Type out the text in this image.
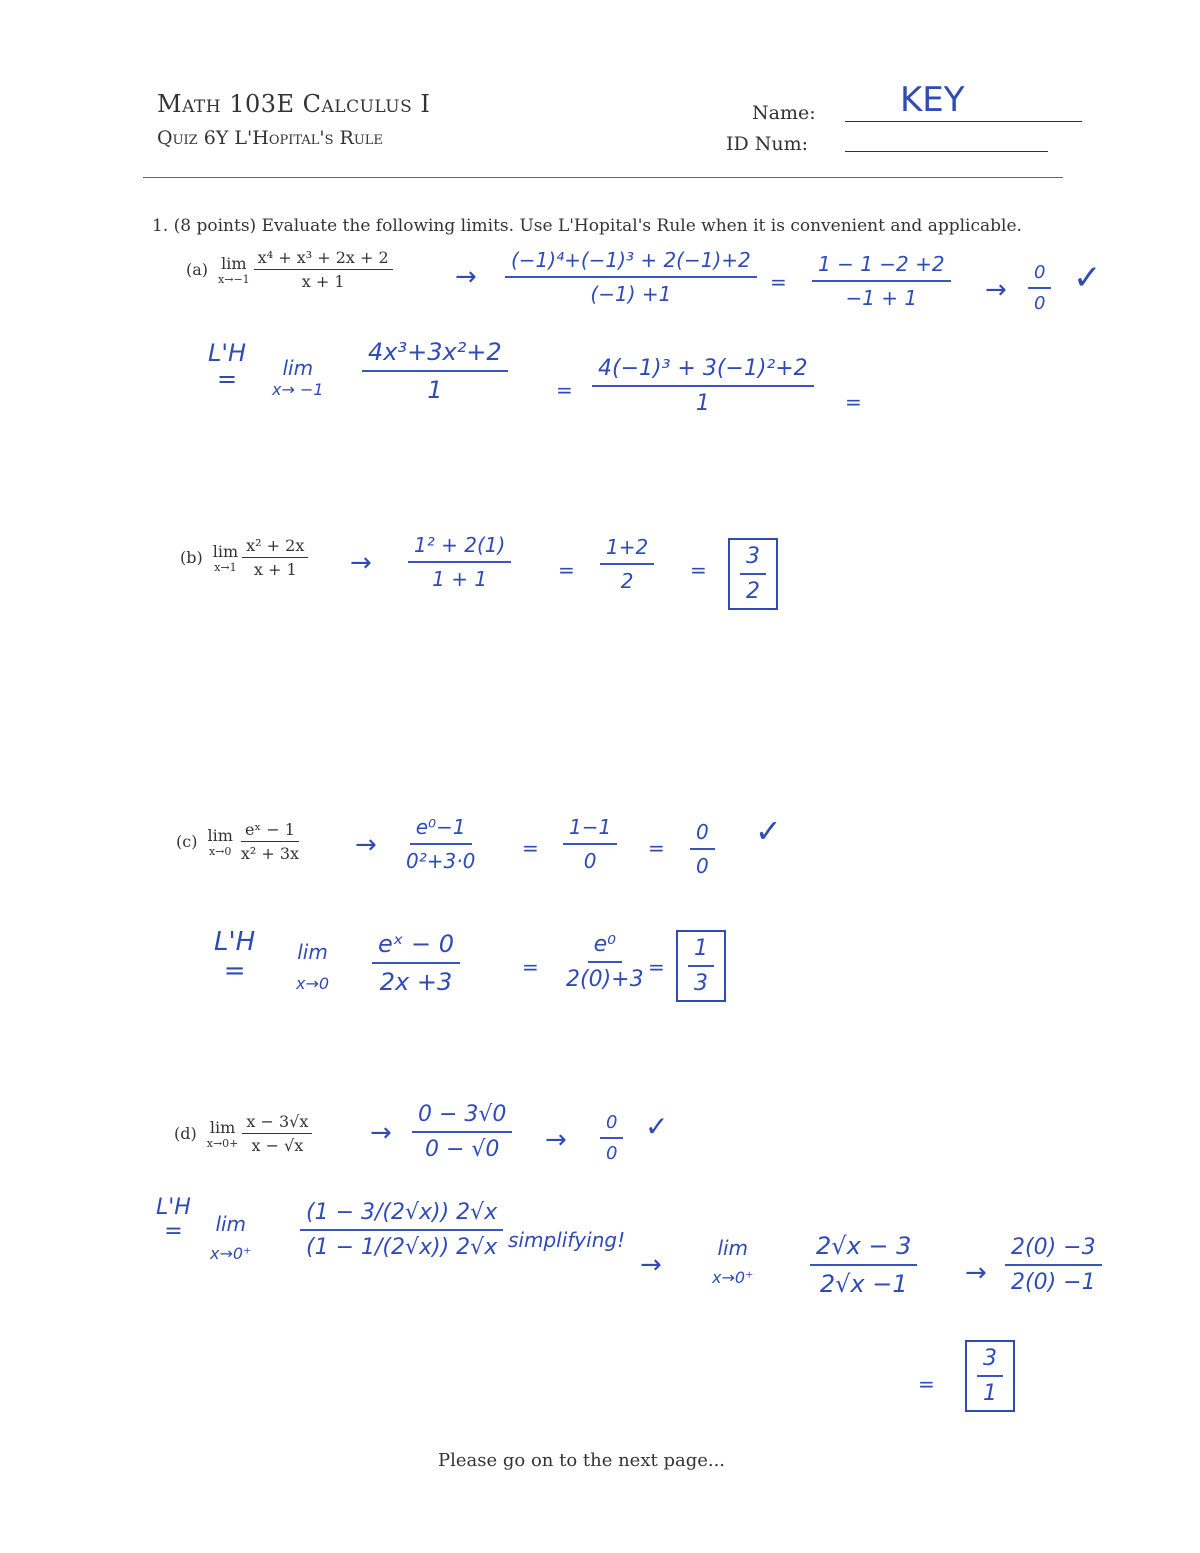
Math 103E Calculus I
Quiz 6Y L'Hopital's Rule
Name: KEY
ID Num:
1. (8 points) Evaluate the following limits. Use L'Hopital's Rule when it is convenient and applicable.
(a) lim
$x\to-1 \frac{\text{x⁴ + x³ + 2x + 2}}{x + 1} \to \frac{\text{(−1)⁴+(−1)³ + 2(−1)+2}}{(-1) +1} = \frac{1 - 1 -2 +2}{-1 + 1} \to \frac{0}{0}$ ✓
L'H
= lim
$x\to -1 \frac{\text{4x³+3x²+2}}{1} = \frac{\text{4(−1)³ + 3(−1)²+2}}{1}$ =
(b) lim
$x\to 1 \frac{\text{x² + 2x}}{x + 1} \to \frac{\text{1² + 2(1)}}{1 + 1} = \frac{1+2}{2} = \frac{3}{2}$
(c) lim
$x\to 0 \frac{\text{eˣ − 1}}{\text{x² + 3x}} \to \frac{\text{e⁰−1}}{\text{0²+3·0}} = \frac{1-1}{0} = \frac{0}{0}$ ✓
L'H
=
lim
$x\to 0 \frac{\text{eˣ − 0}}{2x +3}$	= $\frac{\text{e⁰}}{2(0)+3}$
= $\frac{1}{3}$
(d) lim
$x\to 0+ \frac{x - 3√x}{x - √x} \to \frac{0 - 3√0}{0 - √0} \to \frac{0}{0}$ ✓
L'H
= lim
$x\to 0^+ \frac{(1 - 3/(2√x)) 2√x}{(1 - 1/(2√x)) 2√x}$ simplifying!
→
lim
$x\to 0^+ \frac{2√x - 3}{2√x -1} \to \frac{2(0) -3}{2(0) -1}$
= $\frac{3}{1}$
Please go on to the next page...
